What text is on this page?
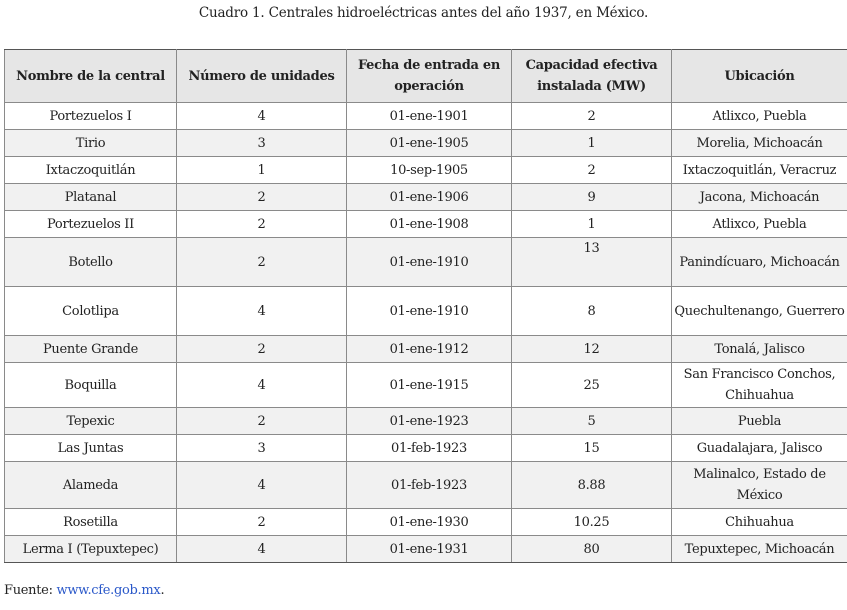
Cuadro 1. Centrales hidroeléctricas antes del año 1937, en México.
Nombre de la central	Número de unidades	Fecha de entrada en operación	Capacidad efectiva instalada (MW)	Ubicación
Portezuelos I	4	01-ene-1901	2	Atlixco, Puebla
Tirio	3	01-ene-1905	1	Morelia, Michoacán
Ixtaczoquitlán	1	10-sep-1905	2	Ixtaczoquitlán, Veracruz
Platanal	2	01-ene-1906	9	Jacona, Michoacán
Portezuelos II	2	01-ene-1908	1	Atlixco, Puebla
Botello	2	01-ene-1910	13	Panindícuaro, Michoacán
Colotlipa	4	01-ene-1910	8	Quechultenango, Guerrero
Puente Grande	2	01-ene-1912	12	Tonalá, Jalisco
Boquilla	4	01-ene-1915	25	San Francisco Conchos, Chihuahua
Tepexic	2	01-ene-1923	5	Puebla
Las Juntas	3	01-feb-1923	15	Guadalajara, Jalisco
Alameda	4	01-feb-1923	8.88	Malinalco, Estado de México
Rosetilla	2	01-ene-1930	10.25	Chihuahua
Lerma I (Tepuxtepec)	4	01-ene-1931	80	Tepuxtepec, Michoacán
Fuente: www.cfe.gob.mx.
